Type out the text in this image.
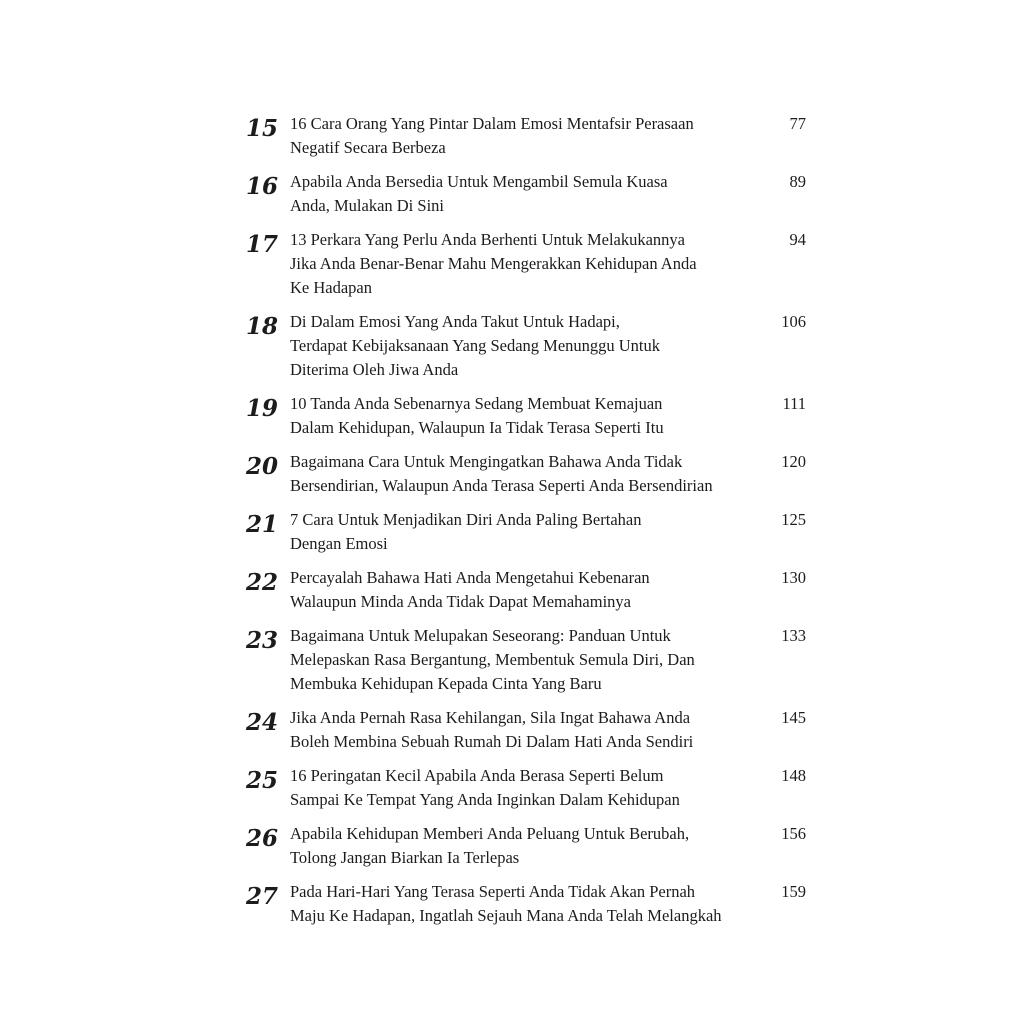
15 16 Cara Orang Yang Pintar Dalam Emosi Mentafsir Perasaan
Negatif Secara Berbeza
77
16 Apabila Anda Bersedia Untuk Mengambil Semula Kuasa
Anda, Mulakan Di Sini
89
17 13 Perkara Yang Perlu Anda Berhenti Untuk Melakukannya
Jika Anda Benar-Benar Mahu Mengerakkan Kehidupan Anda
Ke Hadapan
94
18 Di Dalam Emosi Yang Anda Takut Untuk Hadapi,
Terdapat Kebijaksanaan Yang Sedang Menunggu Untuk
Diterima Oleh Jiwa Anda
106
19 10 Tanda Anda Sebenarnya Sedang Membuat Kemajuan
Dalam Kehidupan, Walaupun Ia Tidak Terasa Seperti Itu
111
20 Bagaimana Cara Untuk Mengingatkan Bahawa Anda Tidak
Bersendirian, Walaupun Anda Terasa Seperti Anda Bersendirian
120
21 7 Cara Untuk Menjadikan Diri Anda Paling Bertahan
Dengan Emosi
125
22 Percayalah Bahawa Hati Anda Mengetahui Kebenaran
Walaupun Minda Anda Tidak Dapat Memahaminya
130
23 Bagaimana Untuk Melupakan Seseorang: Panduan Untuk
Melepaskan Rasa Bergantung, Membentuk Semula Diri, Dan
Membuka Kehidupan Kepada Cinta Yang Baru
133
24 Jika Anda Pernah Rasa Kehilangan, Sila Ingat Bahawa Anda
Boleh Membina Sebuah Rumah Di Dalam Hati Anda Sendiri
145
25 16 Peringatan Kecil Apabila Anda Berasa Seperti Belum
Sampai Ke Tempat Yang Anda Inginkan Dalam Kehidupan
148
26 Apabila Kehidupan Memberi Anda Peluang Untuk Berubah,
Tolong Jangan Biarkan Ia Terlepas
156
27 Pada Hari-Hari Yang Terasa Seperti Anda Tidak Akan Pernah
Maju Ke Hadapan, Ingatlah Sejauh Mana Anda Telah Melangkah
159
